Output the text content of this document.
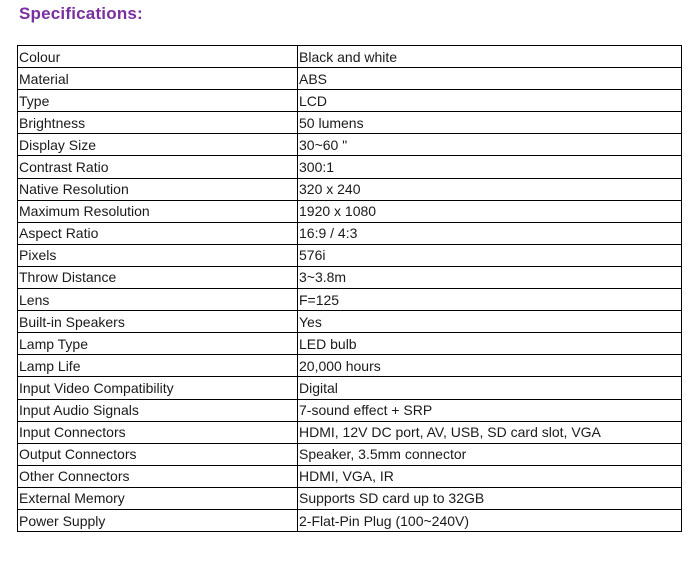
Specifications:
Colour	Black and white
Material	ABS
Type	LCD
Brightness	50 lumens
Display Size	30~60 "
Contrast Ratio	300:1
Native Resolution	320 x 240
Maximum Resolution	1920 x 1080
Aspect Ratio	16:9 / 4:3
Pixels	576i
Throw Distance	3~3.8m
Lens	F=125
Built-in Speakers	Yes
Lamp Type	LED bulb
Lamp Life	20,000 hours
Input Video Compatibility	Digital
Input Audio Signals	7-sound effect + SRP
Input Connectors	HDMI, 12V DC port, AV, USB, SD card slot, VGA
Output Connectors	Speaker, 3.5mm connector
Other Connectors	HDMI, VGA, IR
External Memory	Supports SD card up to 32GB
Power Supply	2-Flat-Pin Plug (100~240V)
